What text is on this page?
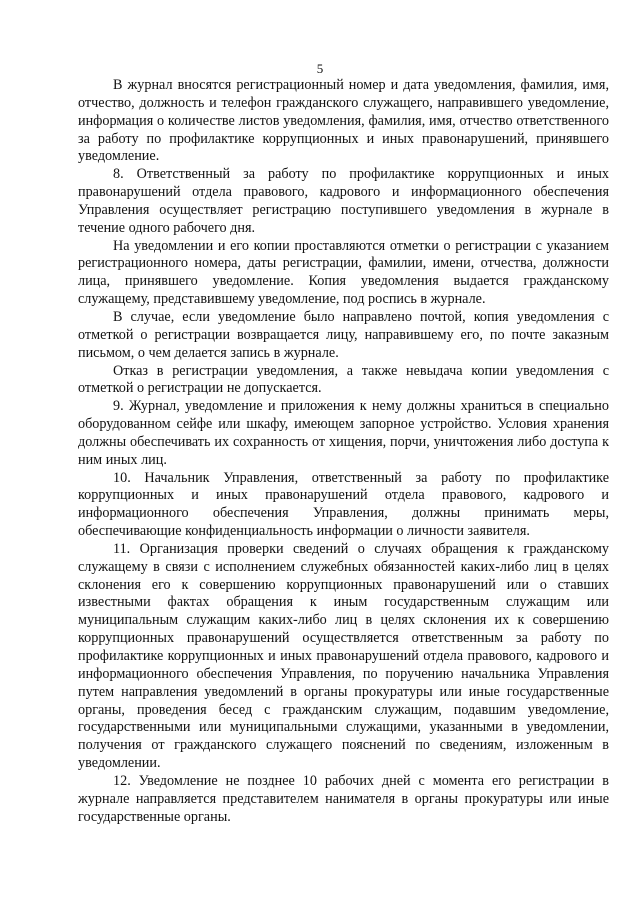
5

В журнал вносятся регистрационный номер и дата уведомления, фамилия, имя, отчество, должность и телефон гражданского служащего, направившего уведомление, информация о количестве листов уведомления, фамилия, имя, отчество ответственного за работу по профилактике коррупционных и иных правонарушений, принявшего уведомление.

8. Ответственный за работу по профилактике коррупционных и иных правонарушений отдела правового, кадрового и информационного обеспечения Управления осуществляет регистрацию поступившего уведомления в журнале в течение одного рабочего дня.

На уведомлении и его копии проставляются отметки о регистрации с указанием регистрационного номера, даты регистрации, фамилии, имени, отчества, должности лица, принявшего уведомление. Копия уведомления выдается гражданскому служащему, представившему уведомление, под роспись в журнале.

В случае, если уведомление было направлено почтой, копия уведомления с отметкой о регистрации возвращается лицу, направившему его, по почте заказным письмом, о чем делается запись в журнале.

Отказ в регистрации уведомления, а также невыдача копии уведомления с отметкой о регистрации не допускается.

9. Журнал, уведомление и приложения к нему должны храниться в специально оборудованном сейфе или шкафу, имеющем запорное устройство. Условия хранения должны обеспечивать их сохранность от хищения, порчи, уничтожения либо доступа к ним иных лиц.

10. Начальник Управления, ответственный за работу по профилактике коррупционных и иных правонарушений отдела правового, кадрового и информационного обеспечения Управления, должны принимать меры, обеспечивающие конфиденциальность информации о личности заявителя.

11. Организация проверки сведений о случаях обращения к гражданскому служащему в связи с исполнением служебных обязанностей каких-либо лиц в целях склонения его к совершению коррупционных правонарушений или о ставших известными фактах обращения к иным государственным служащим или муниципальным служащим каких-либо лиц в целях склонения их к совершению коррупционных правонарушений осуществляется ответственным за работу по профилактике коррупционных и иных правонарушений отдела правового, кадрового и информационного обеспечения Управления, по поручению начальника Управления путем направления уведомлений в органы прокуратуры или иные государственные органы, проведения бесед с гражданским служащим, подавшим уведомление, государственными или муниципальными служащими, указанными в уведомлении, получения от гражданского служащего пояснений по сведениям, изложенным в уведомлении.

12. Уведомление не позднее 10 рабочих дней с момента его регистрации в журнале направляется представителем нанимателя в органы прокуратуры или иные государственные органы.
